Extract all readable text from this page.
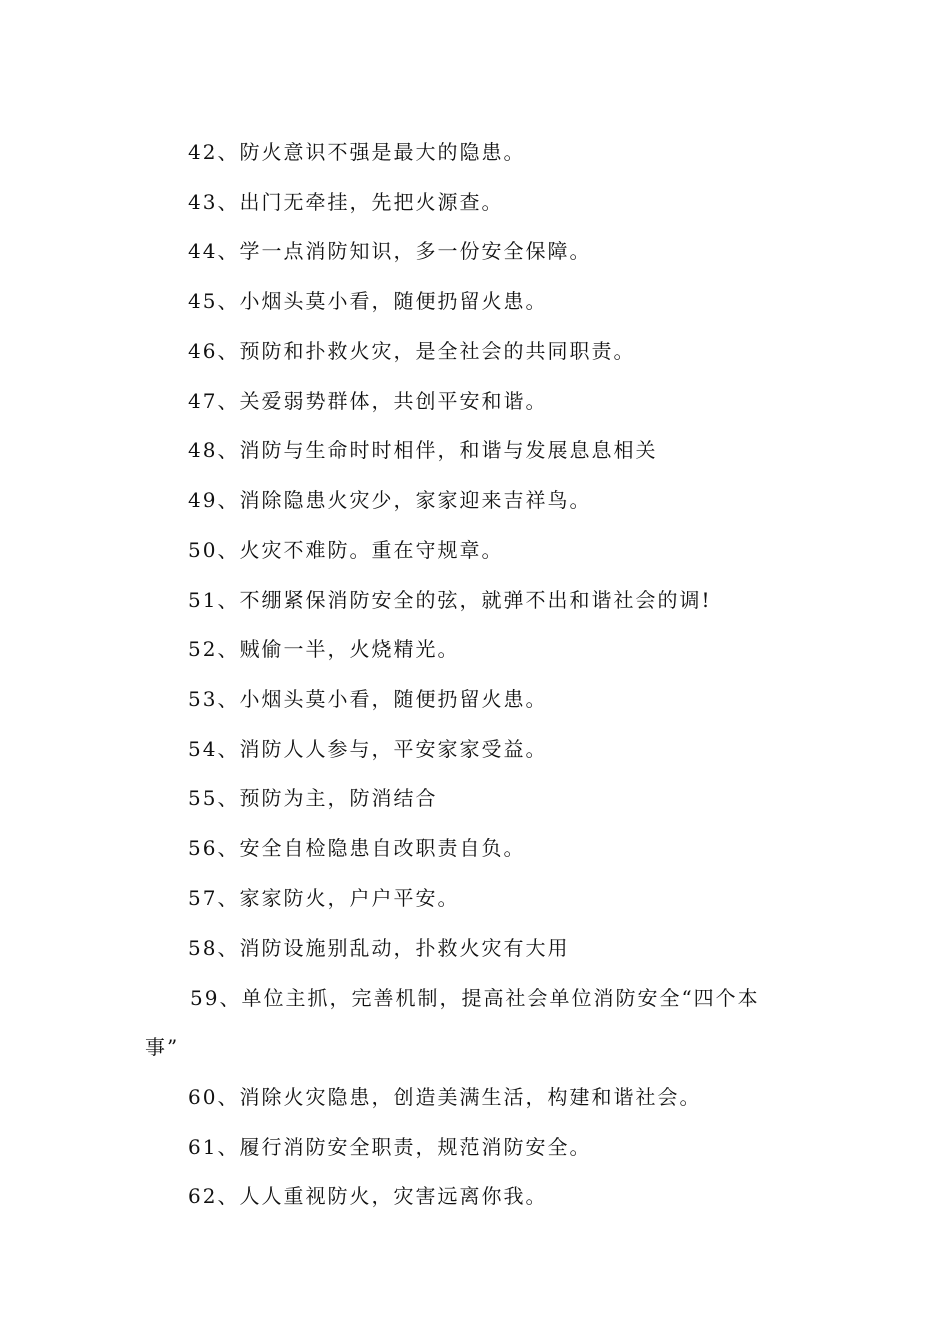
42、防火意识不强是最大的隐患。
43、出门无牵挂，先把火源查。
44、学一点消防知识，多一份安全保障。
45、小烟头莫小看，随便扔留火患。
46、预防和扑救火灾，是全社会的共同职责。
47、关爱弱势群体，共创平安和谐。
48、消防与生命时时相伴，和谐与发展息息相关
49、消除隐患火灾少，家家迎来吉祥鸟。
50、火灾不难防。重在守规章。
51、不绷紧保消防安全的弦，就弹不出和谐社会的调!
52、贼偷一半，火烧精光。
53、小烟头莫小看，随便扔留火患。
54、消防人人参与，平安家家受益。
55、预防为主，防消结合
56、安全自检隐患自改职责自负。
57、家家防火，户户平安。
58、消防设施别乱动，扑救火灾有大用
59、单位主抓，完善机制，提高社会单位消防安全“四个本
事”
60、消除火灾隐患，创造美满生活，构建和谐社会。
61、履行消防安全职责，规范消防安全。
62、人人重视防火，灾害远离你我。
